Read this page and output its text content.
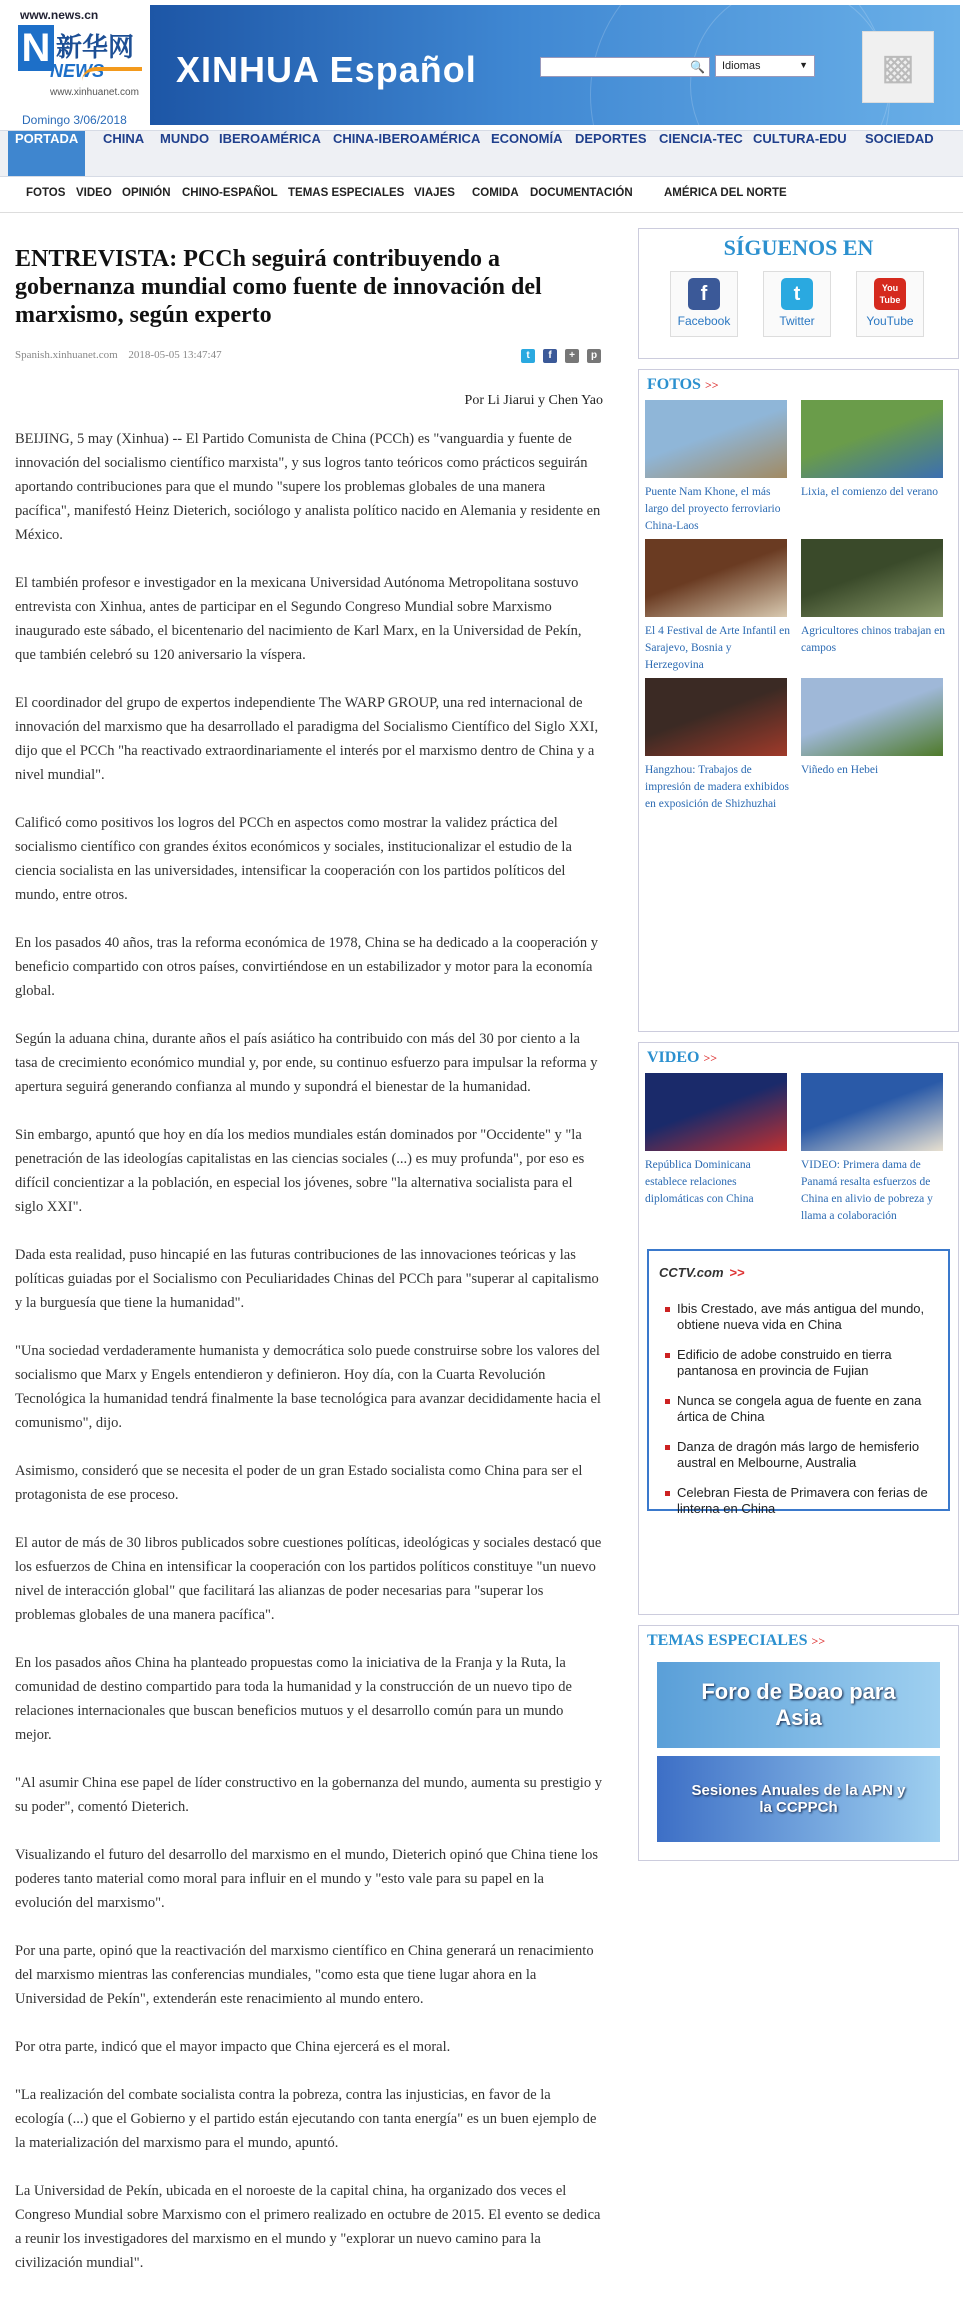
www.news.cn
N 新华网
NEWS
www.xinhuanet.com
Domingo 3/06/2018
XINHUA Español	🔍	Idiomas	▼	▩
PORTADA	CHINA	MUNDO IBEROAMÉRICA CHINA-IBEROAMÉRICA ECONOMÍA DEPORTES CIENCIA-TEC CULTURA-EDU	SOCIEDAD
FOTOS VIDEO OPINIÓN CHINO-ESPAÑOL TEMAS ESPECIALES VIAJES COMIDA DOCUMENTACIÓN	AMÉRICA DEL NORTE
ENTREVISTA: PCCh seguirá contribuyendo a gobernanza mundial como fuente de innovación del marxismo, según experto
Spanish.xinhuanet.com 2018-05-05 13:47:47	t	f	+	p
Por Li Jiarui y Chen Yao

BEIJING, 5 may (Xinhua) -- El Partido Comunista de China (PCCh) es "vanguardia y fuente de innovación del socialismo científico marxista", y sus logros tanto teóricos como prácticos seguirán aportando contribuciones para que el mundo "supere los problemas globales de una manera pacífica", manifestó Heinz Dieterich, sociólogo y analista político nacido en Alemania y residente en México.

El también profesor e investigador en la mexicana Universidad Autónoma Metropolitana sostuvo entrevista con Xinhua, antes de participar en el Segundo Congreso Mundial sobre Marxismo inaugurado este sábado, el bicentenario del nacimiento de Karl Marx, en la Universidad de Pekín, que también celebró su 120 aniversario la víspera.

El coordinador del grupo de expertos independiente The WARP GROUP, una red internacional de innovación del marxismo que ha desarrollado el paradigma del Socialismo Científico del Siglo XXI, dijo que el PCCh "ha reactivado extraordinariamente el interés por el marxismo dentro de China y a nivel mundial".

Calificó como positivos los logros del PCCh en aspectos como mostrar la validez práctica del socialismo científico con grandes éxitos económicos y sociales, institucionalizar el estudio de la ciencia socialista en las universidades, intensificar la cooperación con los partidos políticos del mundo, entre otros.

En los pasados 40 años, tras la reforma económica de 1978, China se ha dedicado a la cooperación y beneficio compartido con otros países, convirtiéndose en un estabilizador y motor para la economía global.

Según la aduana china, durante años el país asiático ha contribuido con más del 30 por ciento a la tasa de crecimiento económico mundial y, por ende, su continuo esfuerzo para impulsar la reforma y apertura seguirá generando confianza al mundo y supondrá el bienestar de la humanidad.

Sin embargo, apuntó que hoy en día los medios mundiales están dominados por "Occidente" y "la penetración de las ideologías capitalistas en las ciencias sociales (...) es muy profunda", por eso es difícil concientizar a la población, en especial los jóvenes, sobre "la alternativa socialista para el siglo XXI".

Dada esta realidad, puso hincapié en las futuras contribuciones de las innovaciones teóricas y las políticas guiadas por el Socialismo con Peculiaridades Chinas del PCCh para "superar al capitalismo y la burguesía que tiene la humanidad".

"Una sociedad verdaderamente humanista y democrática solo puede construirse sobre los valores del socialismo que Marx y Engels entendieron y definieron. Hoy día, con la Cuarta Revolución Tecnológica la humanidad tendrá finalmente la base tecnológica para avanzar decididamente hacia el comunismo", dijo.

Asimismo, consideró que se necesita el poder de un gran Estado socialista como China para ser el protagonista de ese proceso.

El autor de más de 30 libros publicados sobre cuestiones políticas, ideológicas y sociales destacó que los esfuerzos de China en intensificar la cooperación con los partidos políticos constituye "un nuevo nivel de interacción global" que facilitará las alianzas de poder necesarias para "superar los problemas globales de una manera pacífica".

En los pasados años China ha planteado propuestas como la iniciativa de la Franja y la Ruta, la comunidad de destino compartido para toda la humanidad y la construcción de un nuevo tipo de relaciones internacionales que buscan beneficios mutuos y el desarrollo común para un mundo mejor.

"Al asumir China ese papel de líder constructivo en la gobernanza del mundo, aumenta su prestigio y su poder", comentó Dieterich.

Visualizando el futuro del desarrollo del marxismo en el mundo, Dieterich opinó que China tiene los poderes tanto material como moral para influir en el mundo y "esto vale para su papel en la evolución del marxismo".

Por una parte, opinó que la reactivación del marxismo científico en China generará un renacimiento del marxismo mientras las conferencias mundiales, "como esta que tiene lugar ahora en la Universidad de Pekín", extenderán este renacimiento al mundo entero.

Por otra parte, indicó que el mayor impacto que China ejercerá es el moral.

"La realización del combate socialista contra la pobreza, contra las injusticias, en favor de la ecología (...) que el Gobierno y el partido están ejecutando con tanta energía" es un buen ejemplo de la materialización del marxismo para el mundo, apuntó.

La Universidad de Pekín, ubicada en el noroeste de la capital china, ha organizado dos veces el Congreso Mundial sobre Marxismo con el primero realizado en octubre de 2015. El evento se dedica a reunir los investigadores del marxismo en el mundo y "explorar un nuevo camino para la civilización mundial".

SÍGUENOS EN
f
Facebook
t
Twitter
You Tube
YouTube
FOTOS >>
Puente Nam Khone, el más largo del proyecto ferroviario China-Laos
Lixia, el comienzo del verano
El 4 Festival de Arte Infantil en Sarajevo, Bosnia y Herzegovina
Agricultores chinos trabajan en campos
Hangzhou: Trabajos de impresión de madera exhibidos en exposición de Shizhuzhai
Viñedo en Hebei
VIDEO >>
República Dominicana establece relaciones diplomáticas con China
VIDEO: Primera dama de Panamá resalta esfuerzos de China en alivio de pobreza y llama a colaboración
CCTV.com >>
Ibis Crestado, ave más antigua del mundo, obtiene nueva vida en China
Edificio de adobe construido en tierra pantanosa en provincia de Fujian
Nunca se congela agua de fuente en zana ártica de China
Danza de dragón más largo de hemisferio austral en Melbourne, Australia
Celebran Fiesta de Primavera con ferias de linterna en China
TEMAS ESPECIALES >>
Foro de Boao para Asia
Sesiones Anuales de la APN y la CCPPCh
